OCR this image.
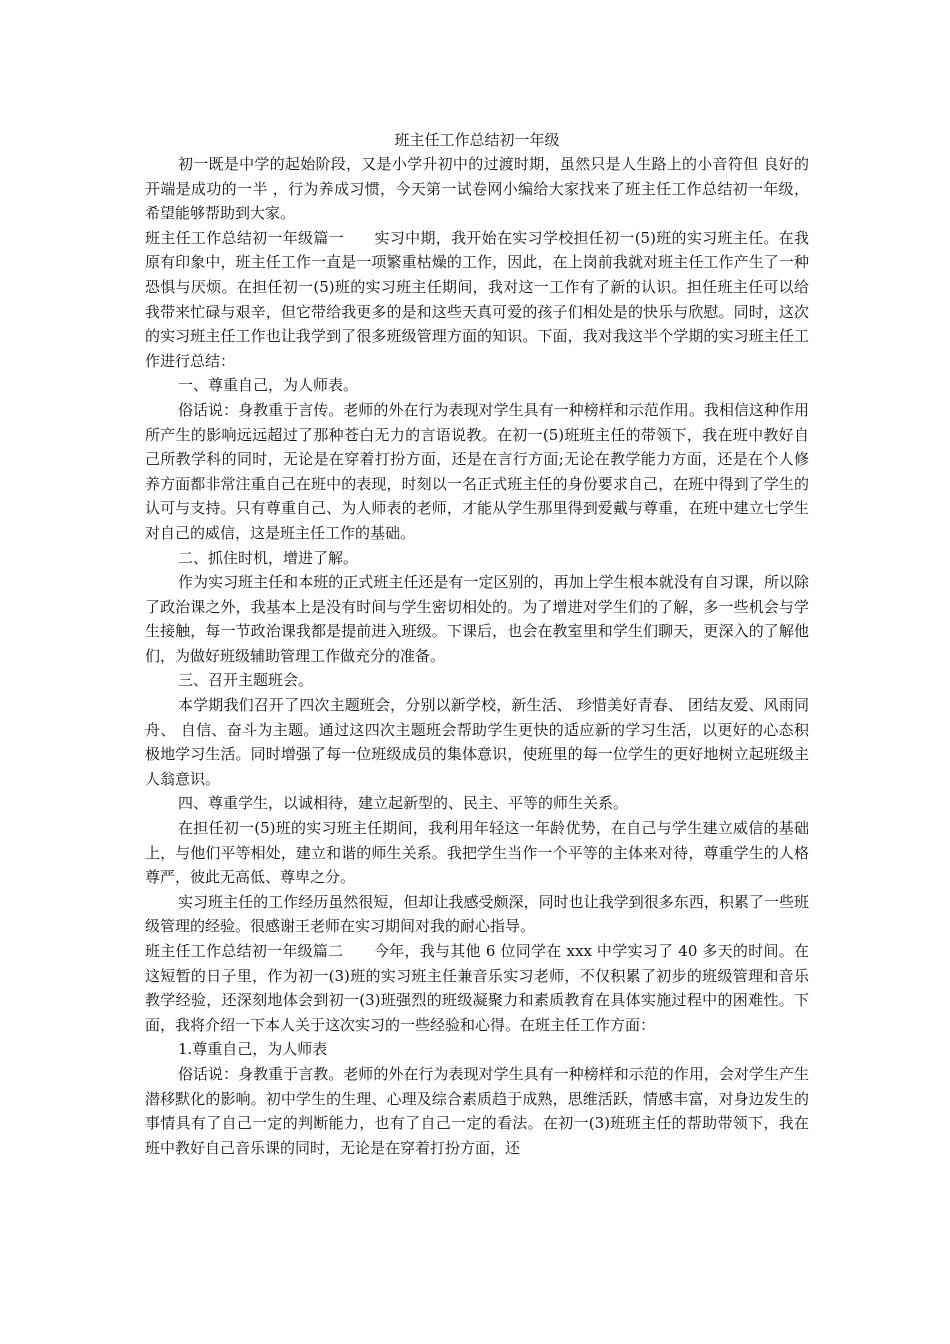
班主任工作总结初一年级

初一既是中学的起始阶段，又是小学升初中的过渡时期，虽然只是人生路上的小音符但 良好的开端是成功的一半 ，行为养成习惯，今天第一试卷网小编给大家找来了班主任工作总结初一年级，希望能够帮助到大家。

班主任工作总结初一年级篇一　　实习中期，我开始在实习学校担任初一(5)班的实习班主任。在我原有印象中，班主任工作一直是一项繁重枯燥的工作，因此，在上岗前我就对班主任工作产生了一种恐惧与厌烦。在担任初一(5)班的实习班主任期间，我对这一工作有了新的认识。担任班主任可以给我带来忙碌与艰辛，但它带给我更多的是和这些天真可爱的孩子们相处是的快乐与欣慰。同时，这次的实习班主任工作也让我学到了很多班级管理方面的知识。下面，我对我这半个学期的实习班主任工作进行总结：

一、尊重自己，为人师表。

俗话说：身教重于言传。老师的外在行为表现对学生具有一种榜样和示范作用。我相信这种作用所产生的影响远远超过了那种苍白无力的言语说教。在初一(5)班班主任的带领下，我在班中教好自己所教学科的同时，无论是在穿着打扮方面，还是在言行方面;无论在教学能力方面，还是在个人修养方面都非常注重自己在班中的表现，时刻以一名正式班主任的身份要求自己，在班中得到了学生的认可与支持。只有尊重自己、为人师表的老师，才能从学生那里得到爱戴与尊重，在班中建立七学生对自己的威信，这是班主任工作的基础。

二、抓住时机，增进了解。

作为实习班主任和本班的正式班主任还是有一定区别的，再加上学生根本就没有自习课，所以除了政治课之外，我基本上是没有时间与学生密切相处的。为了增进对学生们的了解，多一些机会与学生接触，每一节政治课我都是提前进入班级。下课后，也会在教室里和学生们聊天，更深入的了解他们，为做好班级辅助管理工作做充分的准备。

三、召开主题班会。

本学期我们召开了四次主题班会，分别以新学校，新生活、 珍惜美好青春、 团结友爱、风雨同舟、 自信、奋斗为主题。通过这四次主题班会帮助学生更快的适应新的学习生活，以更好的心态积极地学习生活。同时增强了每一位班级成员的集体意识，使班里的每一位学生的更好地树立起班级主人翁意识。

四、尊重学生，以诚相待，建立起新型的、民主、平等的师生关系。

在担任初一(5)班的实习班主任期间，我利用年轻这一年龄优势，在自己与学生建立威信的基础上，与他们平等相处，建立和谐的师生关系。我把学生当作一个平等的主体来对待，尊重学生的人格尊严，彼此无高低、尊卑之分。

实习班主任的工作经历虽然很短，但却让我感受颇深，同时也让我学到很多东西，积累了一些班级管理的经验。很感谢王老师在实习期间对我的耐心指导。

班主任工作总结初一年级篇二　　今年，我与其他 6 位同学在 xxx 中学实习了 40 多天的时间。在这短暂的日子里，作为初一(3)班的实习班主任兼音乐实习老师，不仅积累了初步的班级管理和音乐教学经验，还深刻地体会到初一(3)班强烈的班级凝聚力和素质教育在具体实施过程中的困难性。下面，我将介绍一下本人关于这次实习的一些经验和心得。在班主任工作方面：

1.尊重自己，为人师表

俗话说：身教重于言教。老师的外在行为表现对学生具有一种榜样和示范的作用，会对学生产生潜移默化的影响。初中学生的生理、心理及综合素质趋于成熟，思维活跃，情感丰富，对身边发生的事情具有了自己一定的判断能力，也有了自己一定的看法。在初一(3)班班主任的帮助带领下，我在班中教好自己音乐课的同时，无论是在穿着打扮方面，还
